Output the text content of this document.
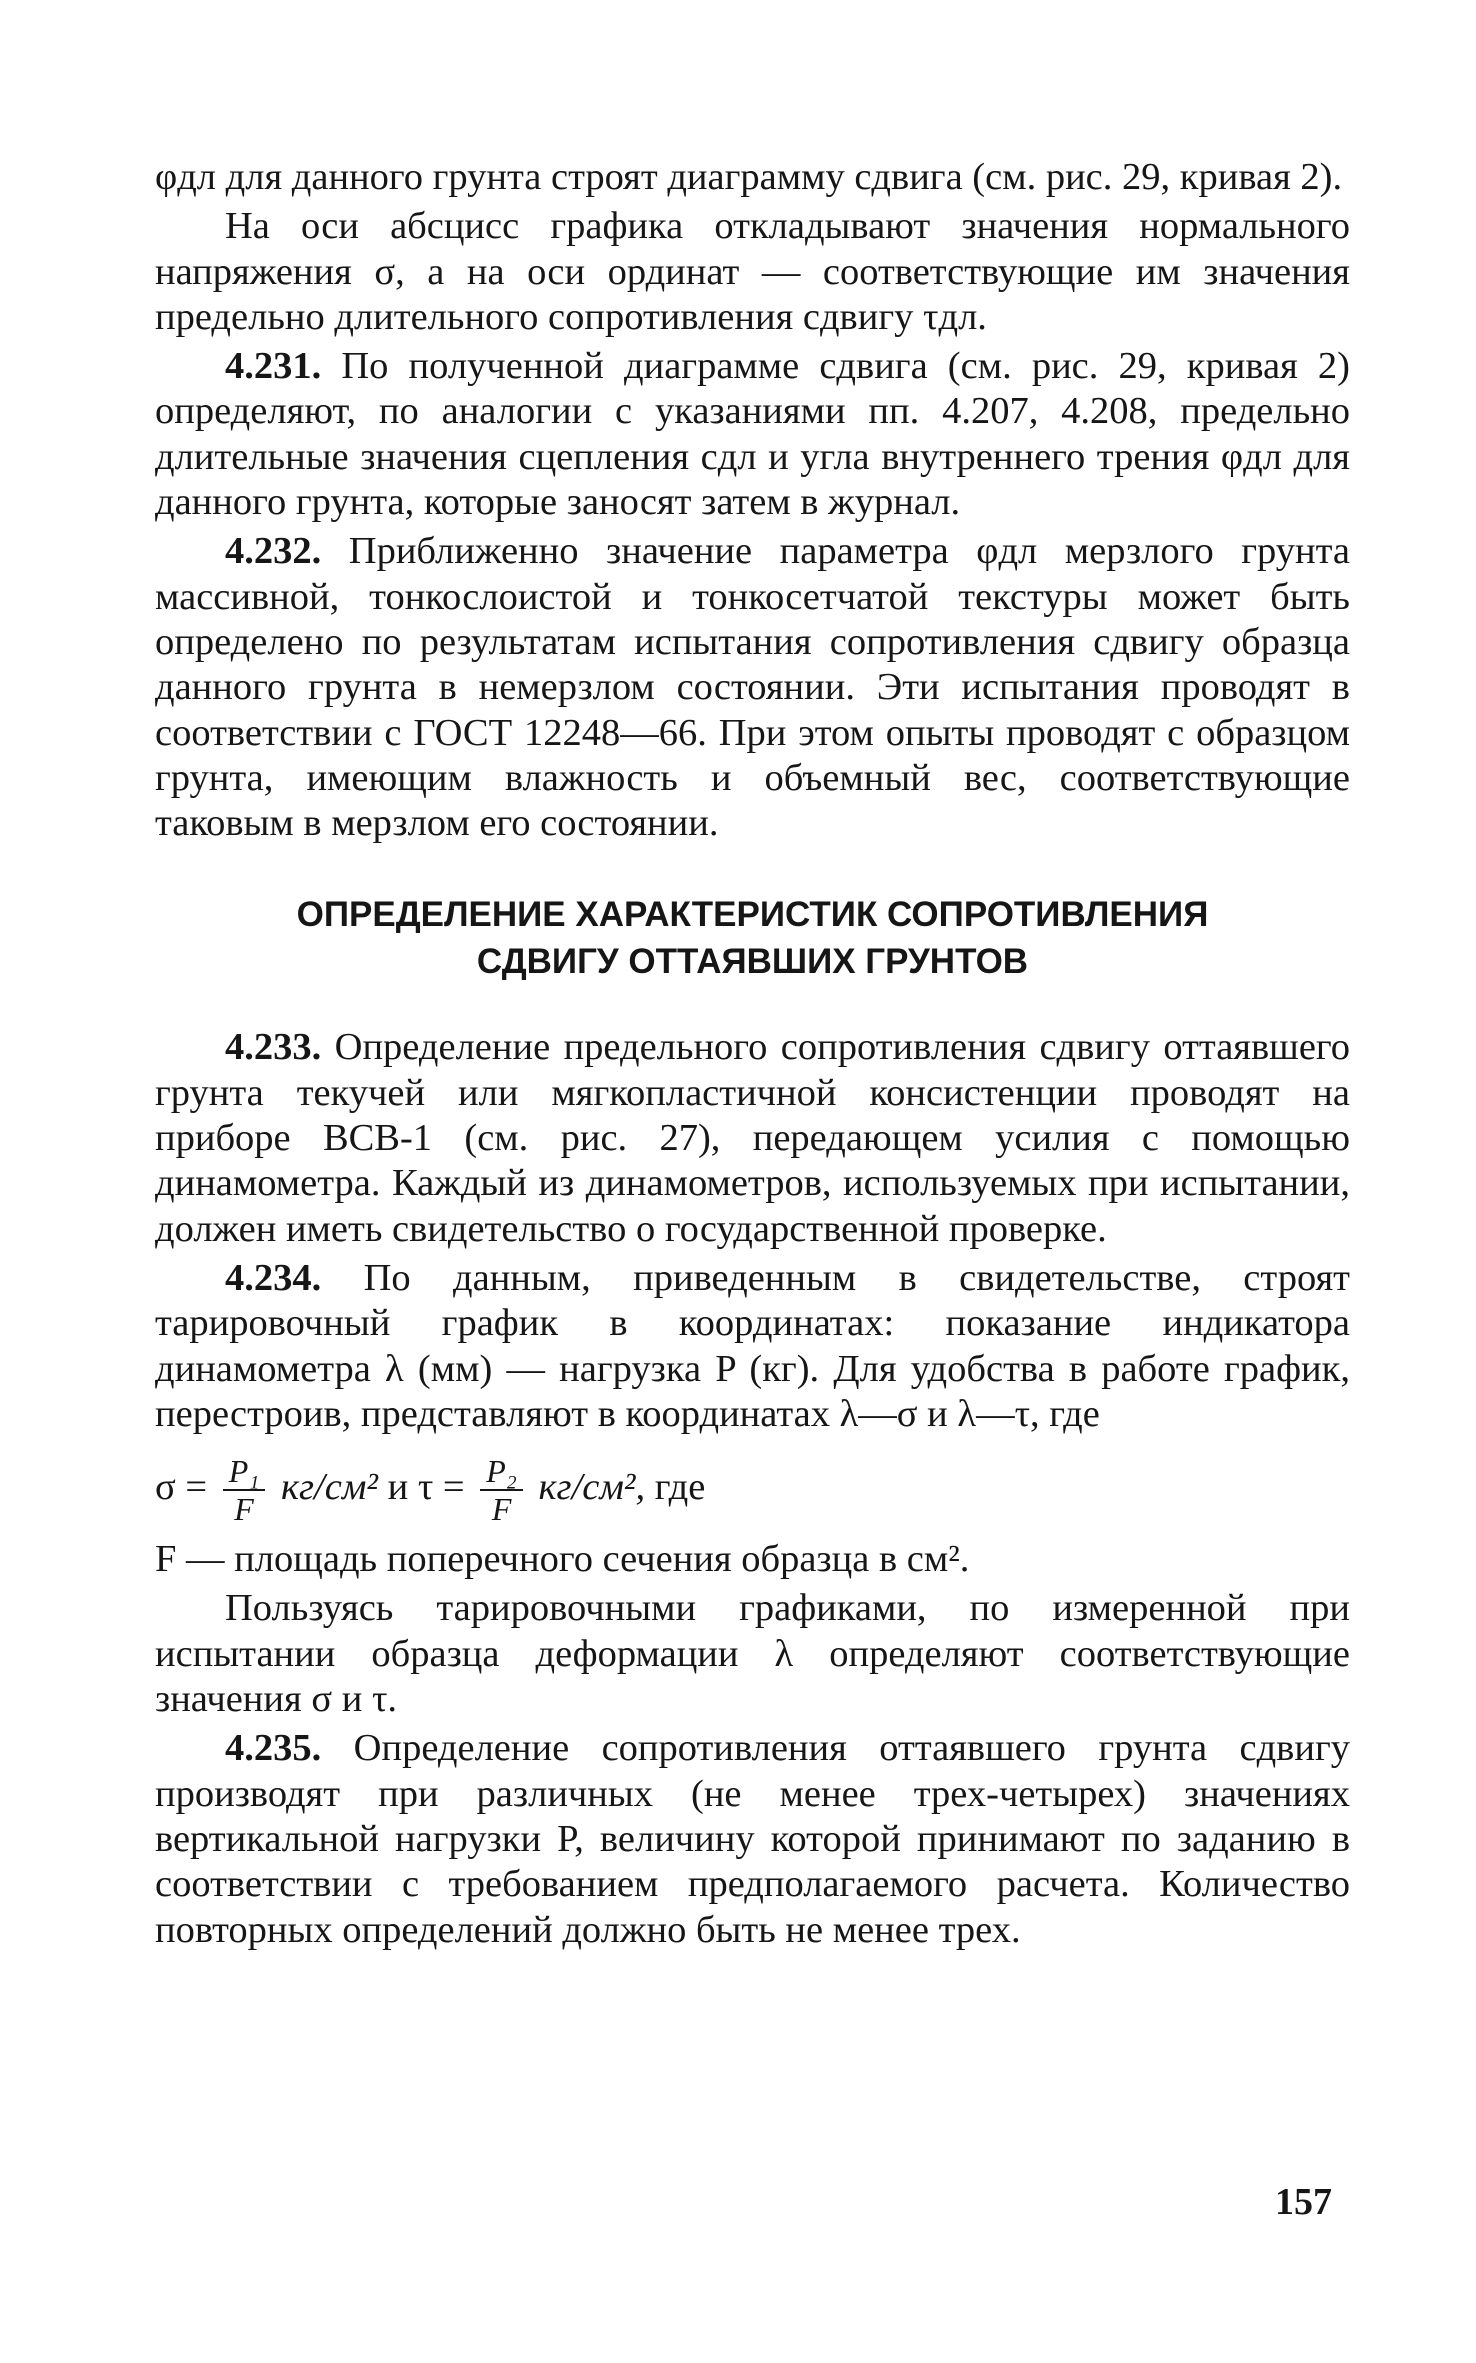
φдл для данного грунта строят диаграмму сдвига (см. рис. 29, кривая 2).

На оси абсцисс графика откладывают значения нормального напряжения σ, а на оси ординат — соответствующие им значения предельно длительного сопротивления сдвигу τдл.

4.231. По полученной диаграмме сдвига (см. рис. 29, кривая 2) определяют, по аналогии с указаниями пп. 4.207, 4.208, предельно длительные значения сцепления сдл и угла внутреннего трения φдл для данного грунта, которые заносят затем в журнал.

4.232. Приближенно значение параметра φдл мерзлого грунта массивной, тонкослоистой и тонкосетчатой текстуры может быть определено по результатам испытания сопротивления сдвигу образца данного грунта в немерзлом состоянии. Эти испытания проводят в соответствии с ГОСТ 12248—66. При этом опыты проводят с образцом грунта, имеющим влажность и объемный вес, соответствующие таковым в мерзлом его состоянии.

ОПРЕДЕЛЕНИЕ ХАРАКТЕРИСТИК СОПРОТИВЛЕНИЯ
СДВИГУ ОТТАЯВШИХ ГРУНТОВ

4.233. Определение предельного сопротивления сдвигу оттаявшего грунта текучей или мягкопластичной консистенции проводят на приборе ВСВ-1 (см. рис. 27), передающем усилия с помощью динамометра. Каждый из динамометров, используемых при испытании, должен иметь свидетельство о государственной проверке.

4.234. По данным, приведенным в свидетельстве, строят тарировочный график в координатах: показание индикатора динамометра λ (мм) — нагрузка P (кг). Для удобства в работе график, перестроив, представляют в координатах λ—σ и λ—τ, где

$\sigma = \frac{\text{P₁}}{F} кг/см^2$ и $\tau = \frac{\text{P₂}}{F} кг/см^2$, где

F — площадь поперечного сечения образца в см².

Пользуясь тарировочными графиками, по измеренной при испытании образца деформации λ определяют соответствующие значения σ и τ.

4.235. Определение сопротивления оттаявшего грунта сдвигу производят при различных (не менее трех-четырех) значениях вертикальной нагрузки P, величину которой принимают по заданию в соответствии с требованием предполагаемого расчета. Количество повторных определений должно быть не менее трех.

157
